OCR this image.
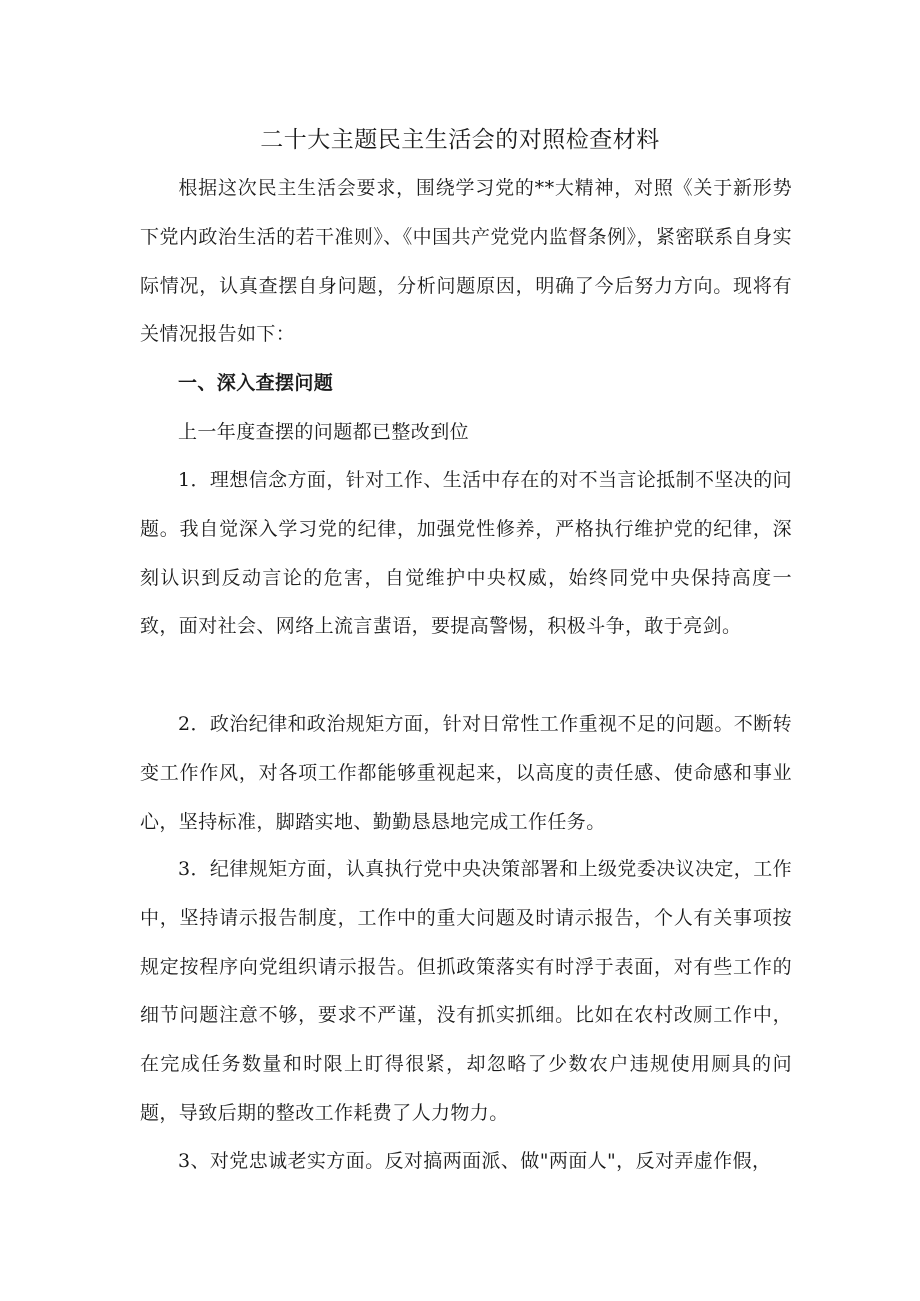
二十大主题民主生活会的对照检查材料

根据这次民主生活会要求，围绕学习党的**大精神，对照《关于新形势下党内政治生活的若干准则》、《中国共产党党内监督条例》，紧密联系自身实际情况，认真查摆自身问题，分析问题原因，明确了今后努力方向。现将有关情况报告如下：

一、深入查摆问题

上一年度查摆的问题都已整改到位

1．理想信念方面，针对工作、生活中存在的对不当言论抵制不坚决的问题。我自觉深入学习党的纪律，加强党性修养，严格执行维护党的纪律，深刻认识到反动言论的危害，自觉维护中央权威，始终同党中央保持高度一致，面对社会、网络上流言蜚语，要提高警惕，积极斗争，敢于亮剑。

2．政治纪律和政治规矩方面，针对日常性工作重视不足的问题。不断转变工作作风，对各项工作都能够重视起来，以高度的责任感、使命感和事业心，坚持标准，脚踏实地、勤勤恳恳地完成工作任务。

3．纪律规矩方面，认真执行党中央决策部署和上级党委决议决定，工作中，坚持请示报告制度，工作中的重大问题及时请示报告，个人有关事项按规定按程序向党组织请示报告。但抓政策落实有时浮于表面，对有些工作的细节问题注意不够，要求不严谨，没有抓实抓细。比如在农村改厕工作中，在完成任务数量和时限上盯得很紧，却忽略了少数农户违规使用厕具的问题，导致后期的整改工作耗费了人力物力。

3、对党忠诚老实方面。反对搞两面派、做"两面人"，反对弄虚作假，
